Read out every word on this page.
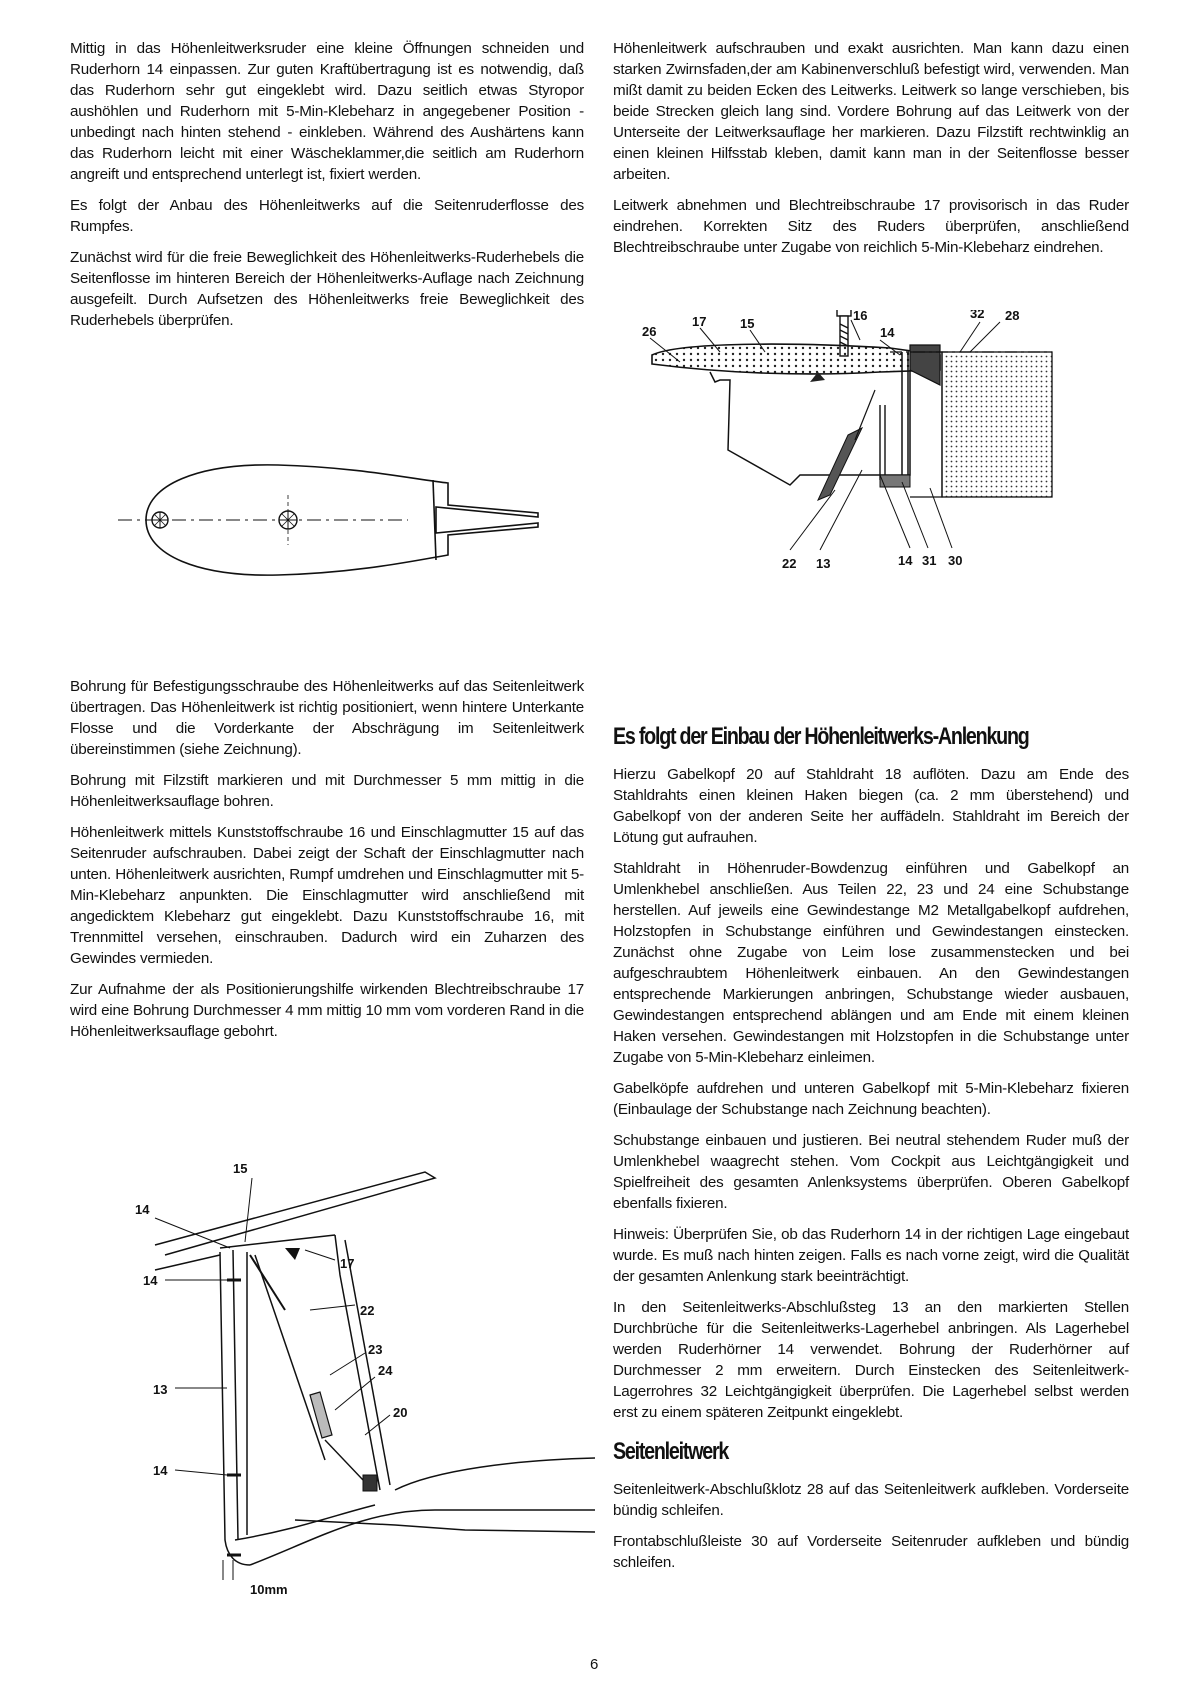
Mittig in das Höhenleitwerksruder eine kleine Öffnungen schneiden und Ruderhorn 14 einpassen. Zur guten Kraftübertragung ist es notwendig, daß das Ruderhorn sehr gut eingeklebt wird. Dazu seitlich etwas Styropor aushöhlen und Ruderhorn mit 5-Min-Klebeharz in angegebener Position -unbedingt nach hinten stehend - einkleben. Während des Aushärtens kann das Ruderhorn leicht mit einer Wäscheklammer,die seitlich am Ruderhorn angreift und entsprechend unterlegt ist, fixiert werden.

Es folgt der Anbau des Höhenleitwerks auf die Seitenruderflosse des Rumpfes.

Zunächst wird für die freie Beweglichkeit des Höhenleitwerks-Ruderhebels die Seitenflosse im hinteren Bereich der Höhenleitwerks-Auflage nach Zeichnung ausgefeilt. Durch Aufsetzen des Höhenleitwerks freie Beweglichkeit des Ruderhebels überprüfen.

Höhenleitwerk aufschrauben und exakt ausrichten. Man kann dazu einen starken Zwirnsfaden,der am Kabinenverschluß befestigt wird, verwenden. Man mißt damit zu beiden Ecken des Leitwerks. Leitwerk so lange verschieben, bis beide Strecken gleich lang sind. Vordere Bohrung auf das Leitwerk von der Unterseite der Leitwerksauflage her markieren. Dazu Filzstift rechtwinklig an einen kleinen Hilfsstab kleben, damit kann man in der Seitenflosse besser arbeiten.

Leitwerk abnehmen und Blechtreibschraube 17 provisorisch in das Ruder eindrehen. Korrekten Sitz des Ruders überprüfen, anschließend Blechtreibschraube unter Zugabe von reichlich 5-Min-Klebeharz eindrehen.

26
17	15
16	32 28
14
22 13	14 31 30

Bohrung für Befestigungsschraube des Höhenleitwerks auf das Seitenleitwerk übertragen. Das Höhenleitwerk ist richtig positioniert, wenn hintere Unterkante Flosse und die Vorderkante der Abschrägung im Seitenleitwerk übereinstimmen (siehe Zeichnung).

Bohrung mit Filzstift markieren und mit Durchmesser 5 mm mittig in die Höhenleitwerksauflage bohren.

Höhenleitwerk mittels Kunststoffschraube 16 und Einschlagmutter 15 auf das Seitenruder aufschrauben. Dabei zeigt der Schaft der Einschlagmutter nach unten. Höhenleitwerk ausrichten, Rumpf umdrehen und Einschlagmutter mit 5-Min-Klebeharz anpunkten. Die Einschlagmutter wird anschließend mit angedicktem Klebeharz gut eingeklebt. Dazu Kunststoffschraube 16, mit Trennmittel versehen, einschrauben. Dadurch wird ein Zuharzen des Gewindes vermieden.

Zur Aufnahme der als Positionierungshilfe wirkenden Blechtreibschraube 17 wird eine Bohrung Durchmesser 4 mm mittig 10 mm vom vorderen Rand in die Höhenleitwerksauflage gebohrt.

Es folgt der Einbau der Höhenleitwerks-Anlenkung

Hierzu Gabelkopf 20 auf Stahldraht 18 auflöten. Dazu am Ende des Stahldrahts einen kleinen Haken biegen (ca. 2 mm überstehend) und Gabelkopf von der anderen Seite her auffädeln. Stahldraht im Bereich der Lötung gut aufrauhen.

Stahldraht in Höhenruder-Bowdenzug einführen und Gabelkopf an Umlenkhebel anschließen. Aus Teilen 22, 23 und 24 eine Schubstange herstellen. Auf jeweils eine Gewindestange M2 Metallgabelkopf aufdrehen, Holzstopfen in Schubstange einführen und Gewindestangen einstecken. Zunächst ohne Zugabe von Leim lose zusammenstecken und bei aufgeschraubtem Höhenleitwerk einbauen. An den Gewindestangen entsprechende Markierungen anbringen, Schubstange wieder ausbauen, Gewindestangen entsprechend ablängen und am Ende mit einem kleinen Haken versehen. Gewindestangen mit Holzstopfen in die Schubstange unter Zugabe von 5-Min-Klebeharz einleimen.

Gabelköpfe aufdrehen und unteren Gabelkopf mit 5-Min-Klebeharz fixieren (Einbaulage der Schubstange nach Zeichnung beachten).

Schubstange einbauen und justieren. Bei neutral stehendem Ruder muß der Umlenkhebel waagrecht stehen. Vom Cockpit aus Leichtgängigkeit und Spielfreiheit des gesamten Anlenksystems überprüfen. Oberen Gabelkopf ebenfalls fixieren.

Hinweis: Überprüfen Sie, ob das Ruderhorn 14 in der richtigen Lage eingebaut wurde. Es muß nach hinten zeigen. Falls es nach vorne zeigt, wird die Qualität der gesamten Anlenkung stark beeinträchtigt.

In den Seitenleitwerks-Abschlußsteg 13 an den markierten Stellen Durchbrüche für die Seitenleitwerks-Lagerhebel anbringen. Als Lagerhebel werden Ruderhörner 14 verwendet. Bohrung der Ruderhörner auf Durchmesser 2 mm erweitern. Durch Einstecken des Seitenleitwerk-Lagerrohres 32 Leichtgängigkeit überprüfen. Die Lagerhebel selbst werden erst zu einem späteren Zeitpunkt eingeklebt.

Seitenleitwerk

Seitenleitwerk-Abschlußklotz 28 auf das Seitenleitwerk aufkleben. Vorderseite bündig schleifen.

Frontabschlußleiste 30 auf Vorderseite Seitenruder aufkleben und bündig schleifen.

15
14
17
14
22
23
24
13
20
14
10mm
6
